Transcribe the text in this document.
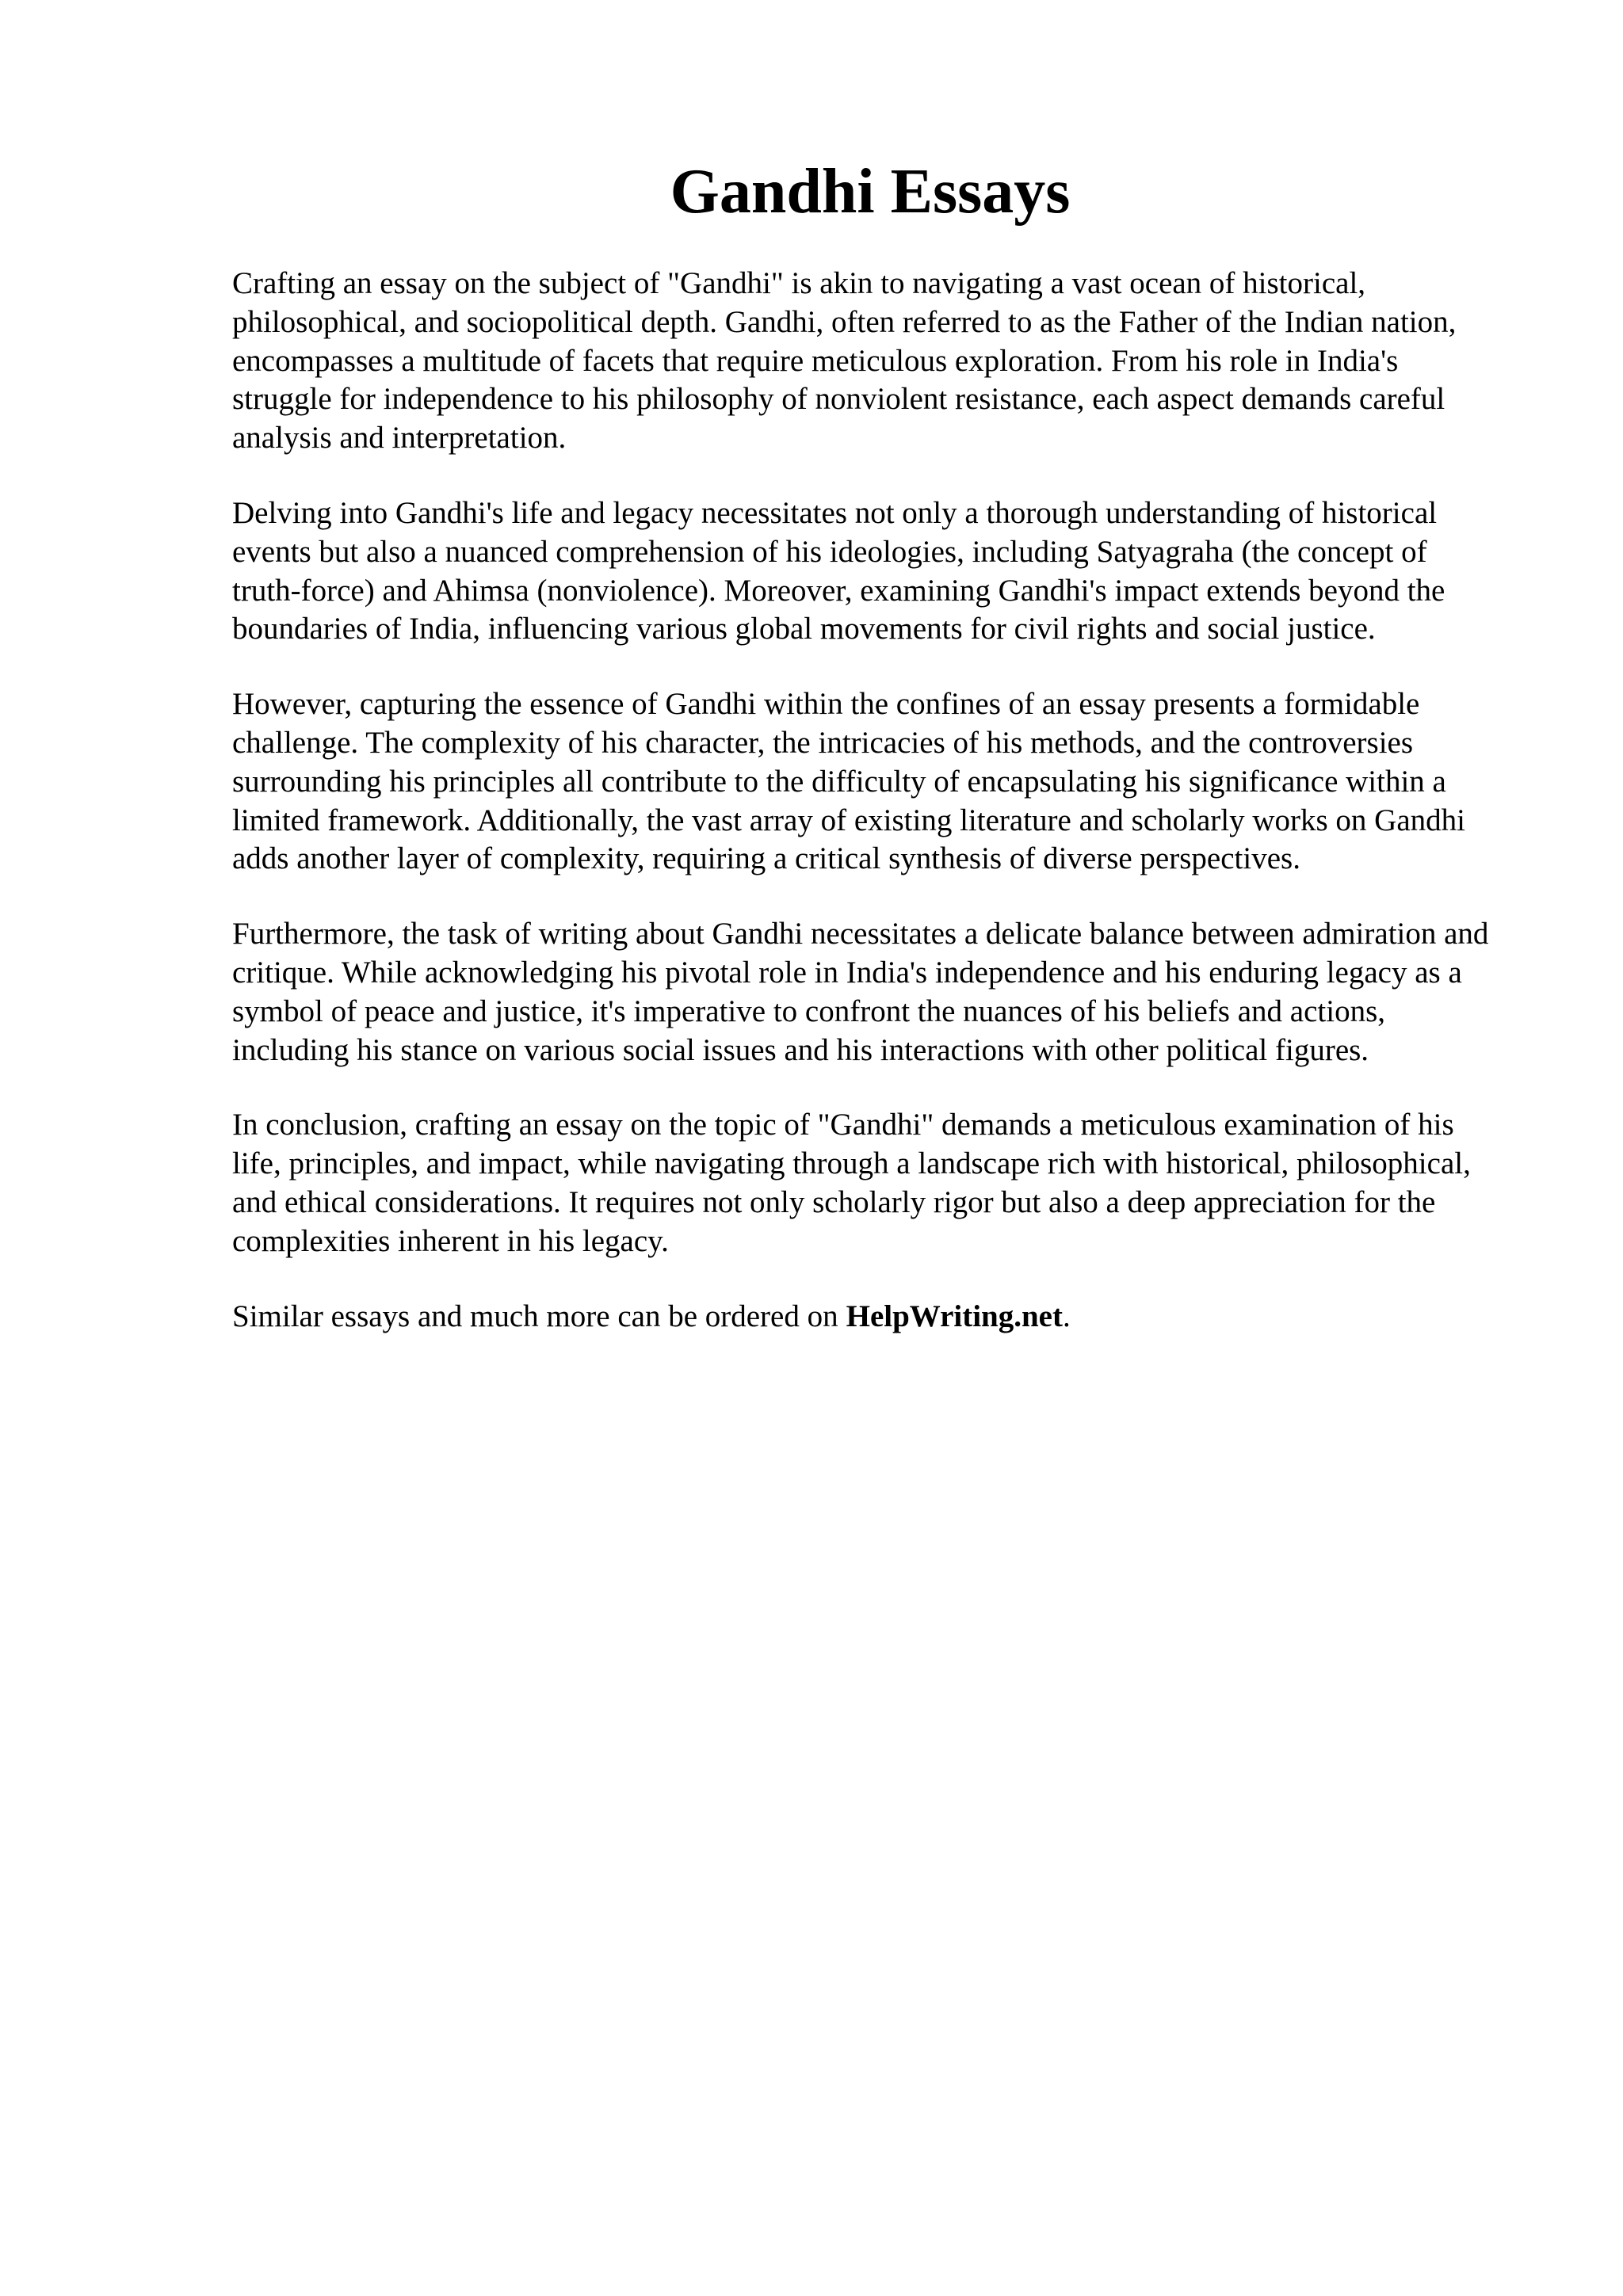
Gandhi Essays

Crafting an essay on the subject of "Gandhi" is akin to navigating a vast ocean of historical, philosophical, and sociopolitical depth. Gandhi, often referred to as the Father of the Indian nation, encompasses a multitude of facets that require meticulous exploration. From his role in India's struggle for independence to his philosophy of nonviolent resistance, each aspect demands careful analysis and interpretation.

Delving into Gandhi's life and legacy necessitates not only a thorough understanding of historical events but also a nuanced comprehension of his ideologies, including Satyagraha (the concept of truth-force) and Ahimsa (nonviolence). Moreover, examining Gandhi's impact extends beyond the boundaries of India, influencing various global movements for civil rights and social justice.

However, capturing the essence of Gandhi within the confines of an essay presents a formidable challenge. The complexity of his character, the intricacies of his methods, and the controversies surrounding his principles all contribute to the difficulty of encapsulating his significance within a limited framework. Additionally, the vast array of existing literature and scholarly works on Gandhi adds another layer of complexity, requiring a critical synthesis of diverse perspectives.

Furthermore, the task of writing about Gandhi necessitates a delicate balance between admiration and critique. While acknowledging his pivotal role in India's independence and his enduring legacy as a symbol of peace and justice, it's imperative to confront the nuances of his beliefs and actions, including his stance on various social issues and his interactions with other political figures.

In conclusion, crafting an essay on the topic of "Gandhi" demands a meticulous examination of his life, principles, and impact, while navigating through a landscape rich with historical, philosophical, and ethical considerations. It requires not only scholarly rigor but also a deep appreciation for the complexities inherent in his legacy.

Similar essays and much more can be ordered on HelpWriting.net.
